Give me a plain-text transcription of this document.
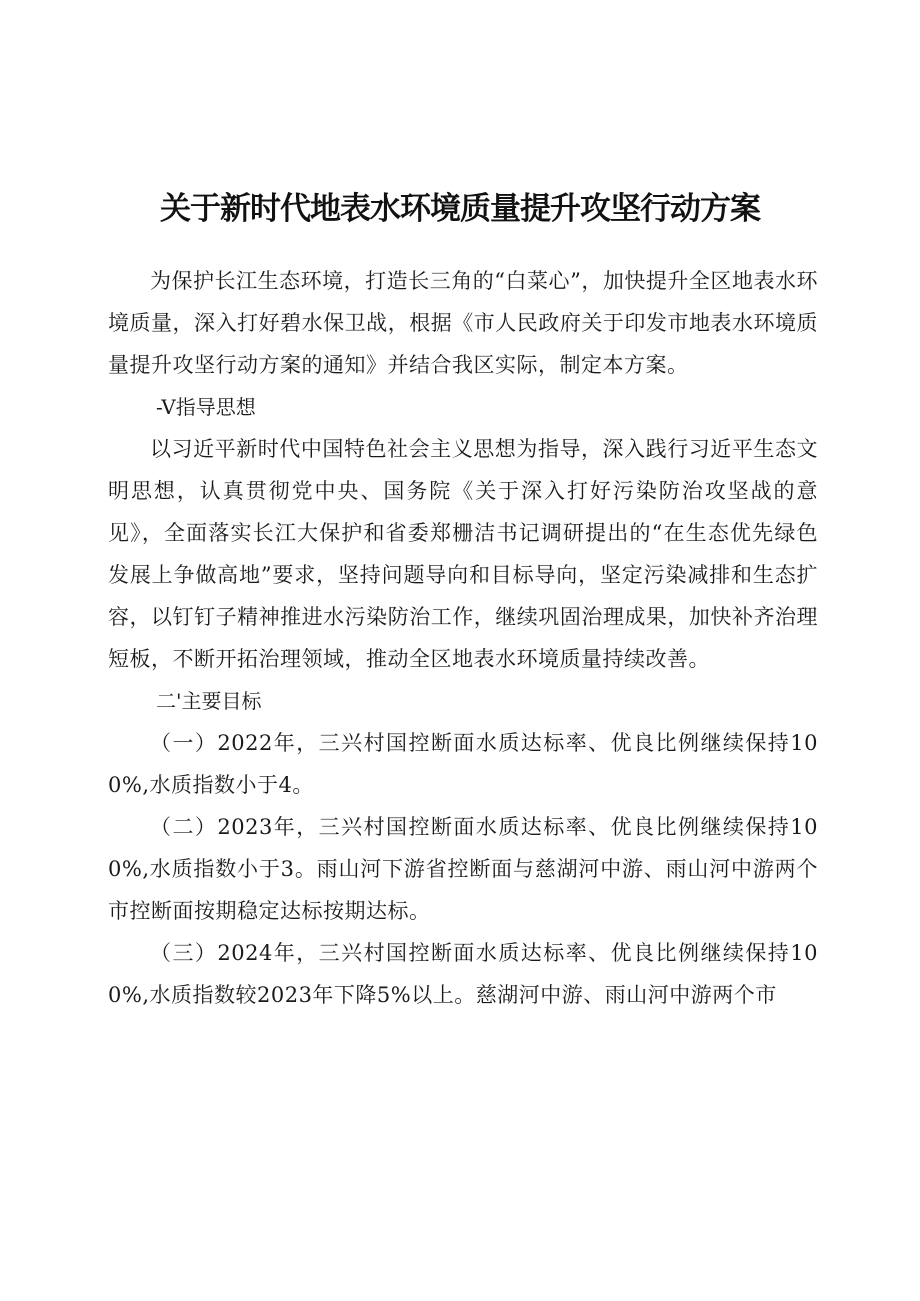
关于新时代地表水环境质量提升攻坚行动方案

为保护长江生态环境，打造长三角的“白菜心”，加快提升全区地表水环境质量，深入打好碧水保卫战，根据《市人民政府关于印发市地表水环境质量提升攻坚行动方案的通知》并结合我区实际，制定本方案。

-V指导思想

以习近平新时代中国特色社会主义思想为指导，深入践行习近平生态文明思想，认真贯彻党中央、国务院《关于深入打好污染防治攻坚战的意见》，全面落实长江大保护和省委郑栅洁书记调研提出的“在生态优先绿色发展上争做高地”要求，坚持问题导向和目标导向，坚定污染减排和生态扩容，以钉钉子精神推进水污染防治工作，继续巩固治理成果，加快补齐治理短板，不断开拓治理领域，推动全区地表水环境质量持续改善。

二'主要目标

（一）2022年，三兴村国控断面水质达标率、优良比例继续保持100%,水质指数小于4。

（二）2023年，三兴村国控断面水质达标率、优良比例继续保持100%,水质指数小于3。雨山河下游省控断面与慈湖河中游、雨山河中游两个市控断面按期稳定达标按期达标。

（三）2024年，三兴村国控断面水质达标率、优良比例继续保持100%,水质指数较2023年下降5%以上。慈湖河中游、雨山河中游两个市
